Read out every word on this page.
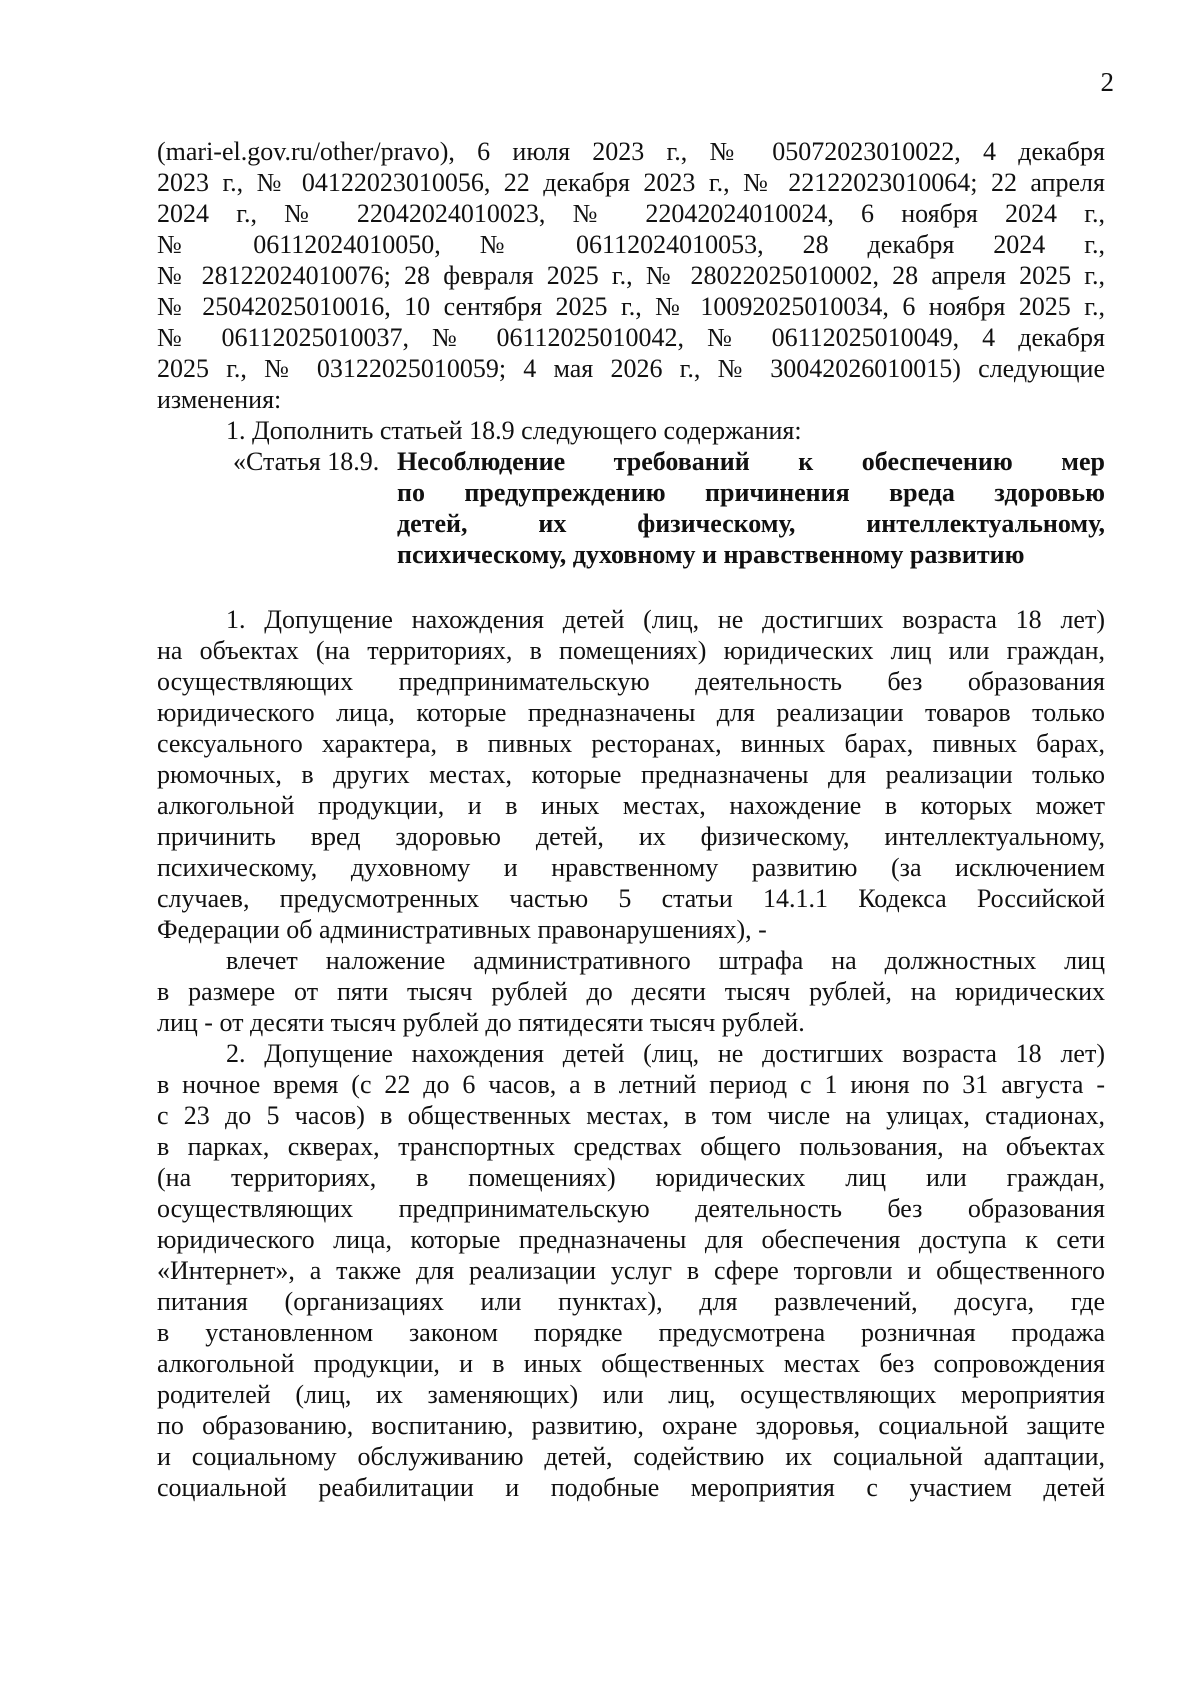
2
(mari-el.gov.ru/other/pravo), 6 июля 2023 г., № 05072023010022, 4 декабря
2023 г., № 04122023010056, 22 декабря 2023 г., № 22122023010064; 22 апреля
2024 г., № 22042024010023, № 22042024010024, 6 ноября 2024 г.,
№ 06112024010050, № 06112024010053, 28 декабря 2024 г.,
№ 28122024010076; 28 февраля 2025 г., № 28022025010002, 28 апреля 2025 г.,
№ 25042025010016, 10 сентября 2025 г., № 10092025010034, 6 ноября 2025 г.,
№ 06112025010037, № 06112025010042, № 06112025010049, 4 декабря
2025 г., № 03122025010059; 4 мая 2026 г., № 30042026010015) следующие
изменения:
1. Дополнить статьей 18.9 следующего содержания:
«Статья 18.9. Несоблюдение требований к обеспечению мер
по предупреждению причинения вреда здоровью
детей, их физическому, интеллектуальному,
психическому, духовному и нравственному развитию
1. Допущение нахождения детей (лиц, не достигших возраста 18 лет)
на объектах (на территориях, в помещениях) юридических лиц или граждан,
осуществляющих предпринимательскую деятельность без образования
юридического лица, которые предназначены для реализации товаров только
сексуального характера, в пивных ресторанах, винных барах, пивных барах,
рюмочных, в других местах, которые предназначены для реализации только
алкогольной продукции, и в иных местах, нахождение в которых может
причинить вред здоровью детей, их физическому, интеллектуальному,
психическому, духовному и нравственному развитию (за исключением
случаев, предусмотренных частью 5 статьи 14.1.1 Кодекса Российской
Федерации об административных правонарушениях), -
влечет наложение административного штрафа на должностных лиц
в размере от пяти тысяч рублей до десяти тысяч рублей, на юридических
лиц - от десяти тысяч рублей до пятидесяти тысяч рублей.
2. Допущение нахождения детей (лиц, не достигших возраста 18 лет)
в ночное время (с 22 до 6 часов, а в летний период с 1 июня по 31 августа -
с 23 до 5 часов) в общественных местах, в том числе на улицах, стадионах,
в парках, скверах, транспортных средствах общего пользования, на объектах
(на территориях, в помещениях) юридических лиц или граждан,
осуществляющих предпринимательскую деятельность без образования
юридического лица, которые предназначены для обеспечения доступа к сети
«Интернет», а также для реализации услуг в сфере торговли и общественного
питания (организациях или пунктах), для развлечений, досуга, где
в установленном законом порядке предусмотрена розничная продажа
алкогольной продукции, и в иных общественных местах без сопровождения
родителей (лиц, их заменяющих) или лиц, осуществляющих мероприятия
по образованию, воспитанию, развитию, охране здоровья, социальной защите
и социальному обслуживанию детей, содействию их социальной адаптации,
социальной реабилитации и подобные мероприятия с участием детей
